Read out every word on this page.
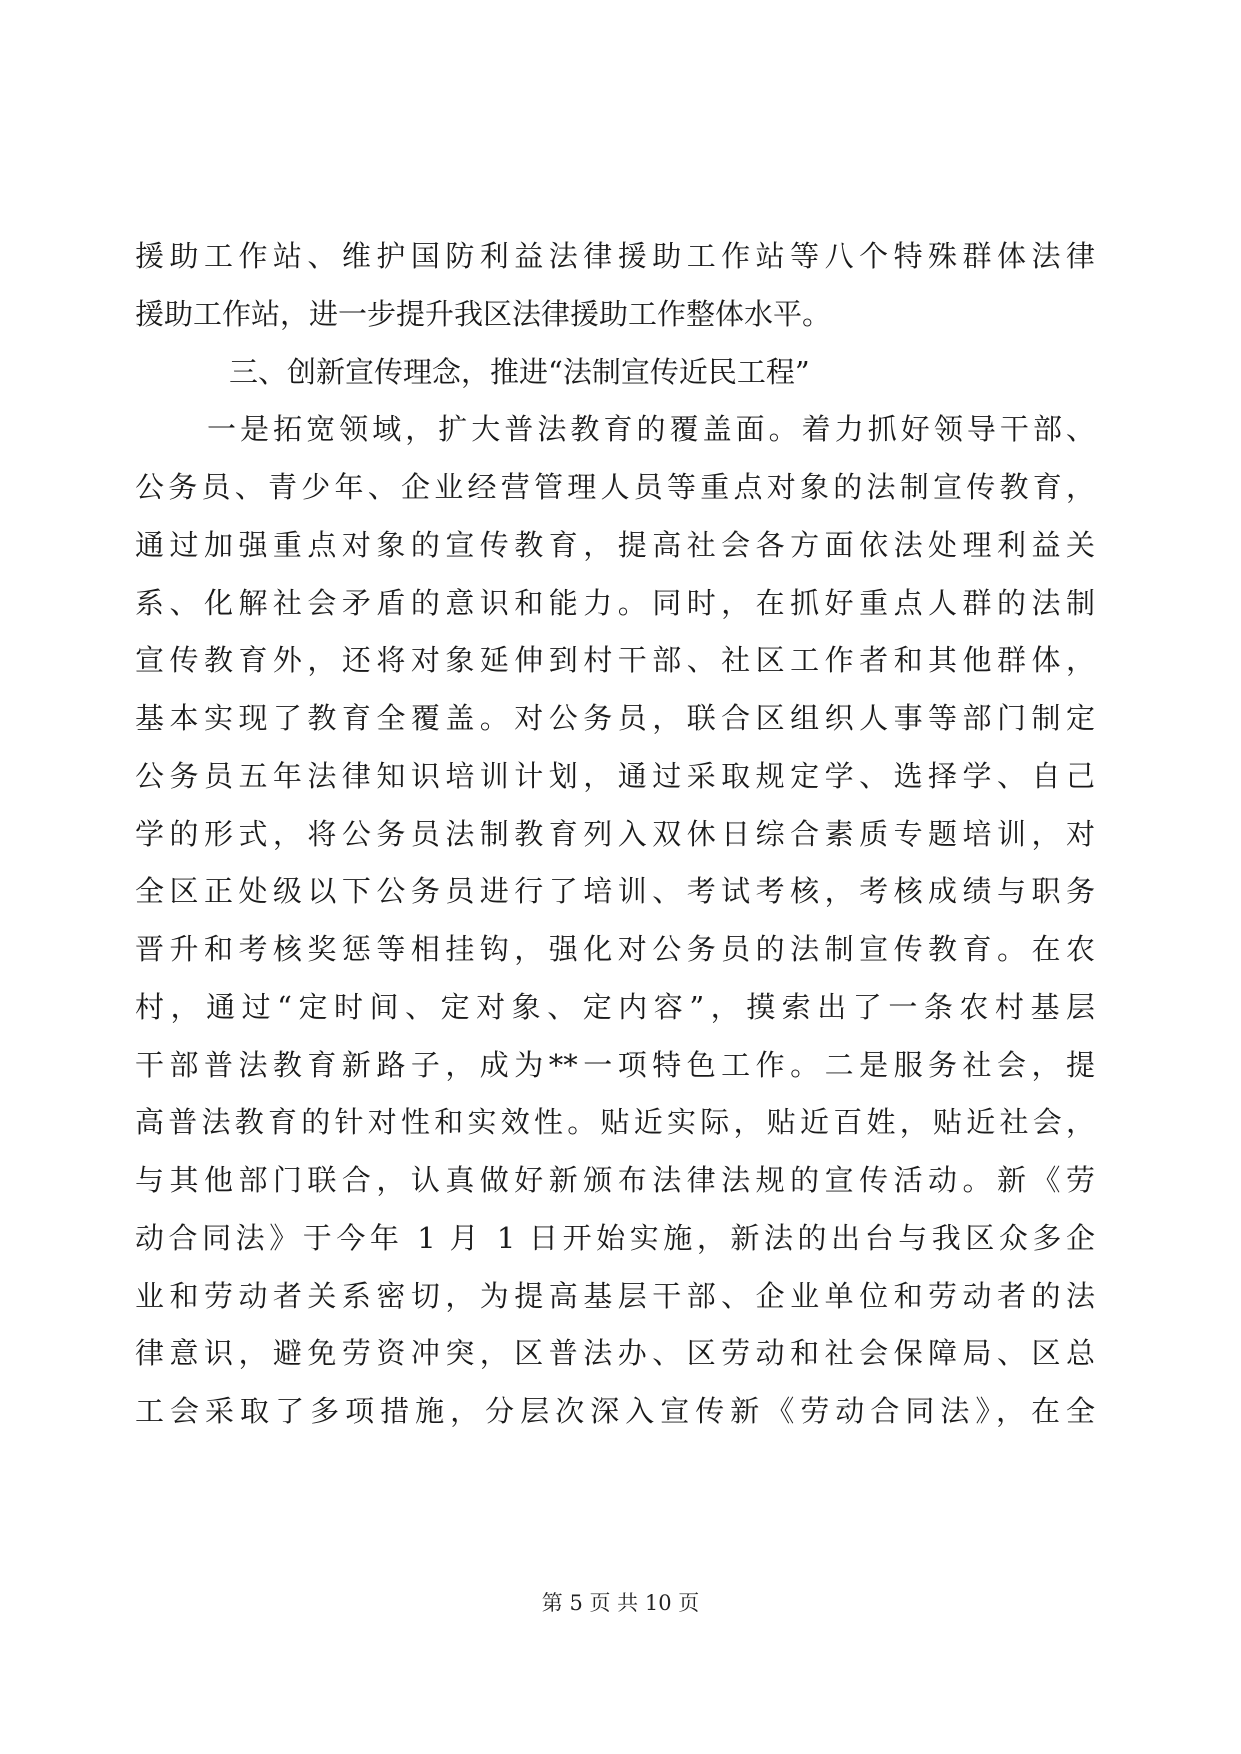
援助工作站、维护国防利益法律援助工作站等八个特殊群体法律
援助工作站，进一步提升我区法律援助工作整体水平。
三、创新宣传理念，推进“法制宣传近民工程”
一是拓宽领域，扩大普法教育的覆盖面。着力抓好领导干部、
公务员、青少年、企业经营管理人员等重点对象的法制宣传教育，
通过加强重点对象的宣传教育，提高社会各方面依法处理利益关
系、化解社会矛盾的意识和能力。同时，在抓好重点人群的法制
宣传教育外，还将对象延伸到村干部、社区工作者和其他群体，
基本实现了教育全覆盖。对公务员，联合区组织人事等部门制定
公务员五年法律知识培训计划，通过采取规定学、选择学、自己
学的形式，将公务员法制教育列入双休日综合素质专题培训，对
全区正处级以下公务员进行了培训、考试考核，考核成绩与职务
晋升和考核奖惩等相挂钩，强化对公务员的法制宣传教育。在农
村，通过“定时间、定对象、定内容”，摸索出了一条农村基层
干部普法教育新路子，成为**一项特色工作。二是服务社会，提
高普法教育的针对性和实效性。贴近实际，贴近百姓，贴近社会，
与其他部门联合，认真做好新颁布法律法规的宣传活动。新《劳
动合同法》于今年 1 月 1 日开始实施，新法的出台与我区众多企
业和劳动者关系密切，为提高基层干部、企业单位和劳动者的法
律意识，避免劳资冲突，区普法办、区劳动和社会保障局、区总
工会采取了多项措施，分层次深入宣传新《劳动合同法》，在全
第 5 页 共 10 页
